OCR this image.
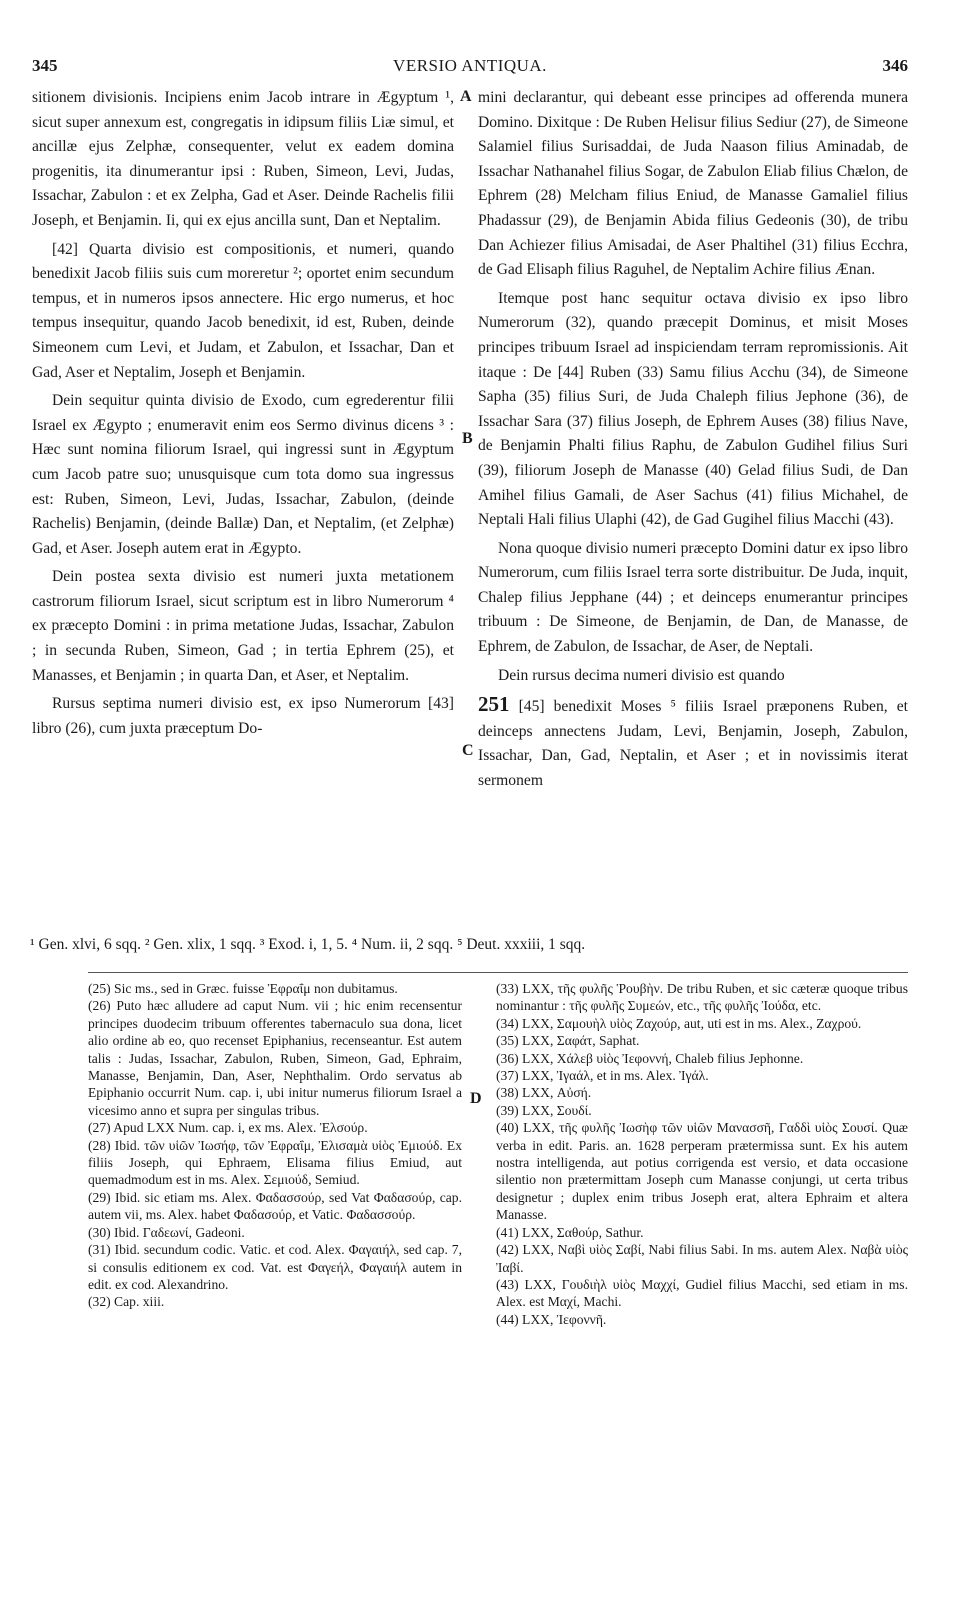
345	VERSIO ANTIQUA.	346
A
B
C
D

sitionem divisionis. Incipiens enim Jacob intrare in Ægyptum ¹, sicut super annexum est, congregatis in idipsum filiis Liæ simul, et ancillæ ejus Zelphæ, consequenter, velut ex eadem domina progenitis, ita dinumerantur ipsi : Ruben, Simeon, Levi, Judas, Issachar, Zabulon : et ex Zelpha, Gad et Aser. Deinde Rachelis filii Joseph, et Benjamin. Ii, qui ex ejus ancilla sunt, Dan et Neptalim.

[42] Quarta divisio est compositionis, et numeri, quando benedixit Jacob filiis suis cum moreretur ²; oportet enim secundum tempus, et in numeros ipsos annectere. Hic ergo numerus, et hoc tempus insequitur, quando Jacob benedixit, id est, Ruben, deinde Simeonem cum Levi, et Judam, et Zabulon, et Issachar, Dan et Gad, Aser et Neptalim, Joseph et Benjamin.

Dein sequitur quinta divisio de Exodo, cum egrederentur filii Israel ex Ægypto ; enumeravit enim eos Sermo divinus dicens ³ : Hæc sunt nomina filiorum Israel, qui ingressi sunt in Ægyptum cum Jacob patre suo; unusquisque cum tota domo sua ingressus est: Ruben, Simeon, Levi, Judas, Issachar, Zabulon, (deinde Rachelis) Benjamin, (deinde Ballæ) Dan, et Neptalim, (et Zelphæ) Gad, et Aser. Joseph autem erat in Ægypto.

Dein postea sexta divisio est numeri juxta metationem castrorum filiorum Israel, sicut scriptum est in libro Numerorum ⁴ ex præcepto Domini : in prima metatione Judas, Issachar, Zabulon ; in secunda Ruben, Simeon, Gad ; in tertia Ephrem (25), et Manasses, et Benjamin ; in quarta Dan, et Aser, et Neptalim.

Rursus septima numeri divisio est, ex ipso Numerorum [43] libro (26), cum juxta præceptum Do-

mini declarantur, qui debeant esse principes ad offerenda munera Domino. Dixitque : De Ruben Helisur filius Sediur (27), de Simeone Salamiel filius Surisaddai, de Juda Naason filius Aminadab, de Issachar Nathanahel filius Sogar, de Zabulon Eliab filius Chælon, de Ephrem (28) Melcham filius Eniud, de Manasse Gamaliel filius Phadassur (29), de Benjamin Abida filius Gedeonis (30), de tribu Dan Achiezer filius Amisadai, de Aser Phaltihel (31) filius Ecchra, de Gad Elisaph filius Raguhel, de Neptalim Achire filius Ænan.

Itemque post hanc sequitur octava divisio ex ipso libro Numerorum (32), quando præcepit Dominus, et misit Moses principes tribuum Israel ad inspiciendam terram repromissionis. Ait itaque : De [44] Ruben (33) Samu filius Acchu (34), de Simeone Sapha (35) filius Suri, de Juda Chaleph filius Jephone (36), de Issachar Sara (37) filius Joseph, de Ephrem Auses (38) filius Nave, de Benjamin Phalti filius Raphu, de Zabulon Gudihel filius Suri (39), filiorum Joseph de Manasse (40) Gelad filius Sudi, de Dan Amihel filius Gamali, de Aser Sachus (41) filius Michahel, de Neptali Hali filius Ulaphi (42), de Gad Gugihel filius Macchi (43).

Nona quoque divisio numeri præcepto Domini datur ex ipso libro Numerorum, cum filiis Israel terra sorte distribuitur. De Juda, inquit, Chalep filius Jepphane (44) ; et deinceps enumerantur principes tribuum : De Simeone, de Benjamin, de Dan, de Manasse, de Ephrem, de Zabulon, de Issachar, de Aser, de Neptali.

Dein rursus decima numeri divisio est quando

251 [45] benedixit Moses ⁵ filiis Israel præponens Ruben, et deinceps annectens Judam, Levi, Benjamin, Joseph, Zabulon, Issachar, Dan, Gad, Neptalin, et Aser ; et in novissimis iterat sermonem

¹ Gen. xlvi, 6 sqq. ² Gen. xlix, 1 sqq. ³ Exod. i, 1, 5. ⁴ Num. ii, 2 sqq. ⁵ Deut. xxxiii, 1 sqq.

(25) Sic ms., sed in Græc. fuisse Ἐφραΐμ non dubitamus.

(26) Puto hæc alludere ad caput Num. vii ; hic enim recensentur principes duodecim tribuum offerentes tabernaculo sua dona, licet alio ordine ab eo, quo recenset Epiphanius, recenseantur. Est autem talis : Judas, Issachar, Zabulon, Ruben, Simeon, Gad, Ephraim, Manasse, Benjamin, Dan, Aser, Nephthalim. Ordo servatus ab Epiphanio occurrit Num. cap. i, ubi initur numerus filiorum Israel a vicesimo anno et supra per singulas tribus.

(27) Apud LXX Num. cap. i, ex ms. Alex. Ἐλσούρ.

(28) Ibid. τῶν υἱῶν Ἰωσήφ, τῶν Ἐφραΐμ, Ἐλισαμὰ υἱὸς Ἐμιούδ. Ex filiis Joseph, qui Ephraem, Elisama filius Emiud, aut quemadmodum est in ms. Alex. Σεμιούδ, Semiud.

(29) Ibid. sic etiam ms. Alex. Φαδασσούρ, sed Vat Φαδασούρ, cap. autem vii, ms. Alex. habet Φαδασούρ, et Vatic. Φαδασσούρ.

(30) Ibid. Γαδεωνί, Gadeoni.

(31) Ibid. secundum codic. Vatic. et cod. Alex. Φαγαιήλ, sed cap. 7, si consulis editionem ex cod. Vat. est Φαγεήλ, Φαγαιήλ autem in edit. ex cod. Alexandrino.

(32) Cap. xiii.

(33) LXX, τῆς φυλῆς Ῥουβὴν. De tribu Ruben, et sic cæteræ quoque tribus nominantur : τῆς φυλῆς Συμεών, etc., τῆς φυλῆς Ἰούδα, etc.

(34) LXX, Σαμουὴλ υἱὸς Ζαχούρ, aut, uti est in ms. Alex., Ζαχρού.

(35) LXX, Σαφάτ, Saphat.

(36) LXX, Χάλεβ υἱὸς Ἰεφοννή, Chaleb filius Jephonne.

(37) LXX, Ἰγαάλ, et in ms. Alex. Ἰγάλ.

(38) LXX, Αὐσή.

(39) LXX, Σουδί.

(40) LXX, τῆς φυλῆς Ἰωσὴφ τῶν υἱῶν Μανασσῆ, Γαδδὶ υἱὸς Σουσί. Quæ verba in edit. Paris. an. 1628 perperam prætermissa sunt. Ex his autem nostra intelligenda, aut potius corrigenda est versio, et data occasione silentio non prætermittam Joseph cum Manasse conjungi, ut certa tribus designetur ; duplex enim tribus Joseph erat, altera Ephraim et altera Manasse.

(41) LXX, Σαθούρ, Sathur.

(42) LXX, Ναβὶ υἱὸς Σαβί, Nabi filius Sabi. In ms. autem Alex. Ναβὰ υἱὸς Ἰαβί.

(43) LXX, Γουδιὴλ υἱὸς Μαχχί, Gudiel filius Macchi, sed etiam in ms. Alex. est Μαχί, Machi.

(44) LXX, Ἰεφοννῆ.
